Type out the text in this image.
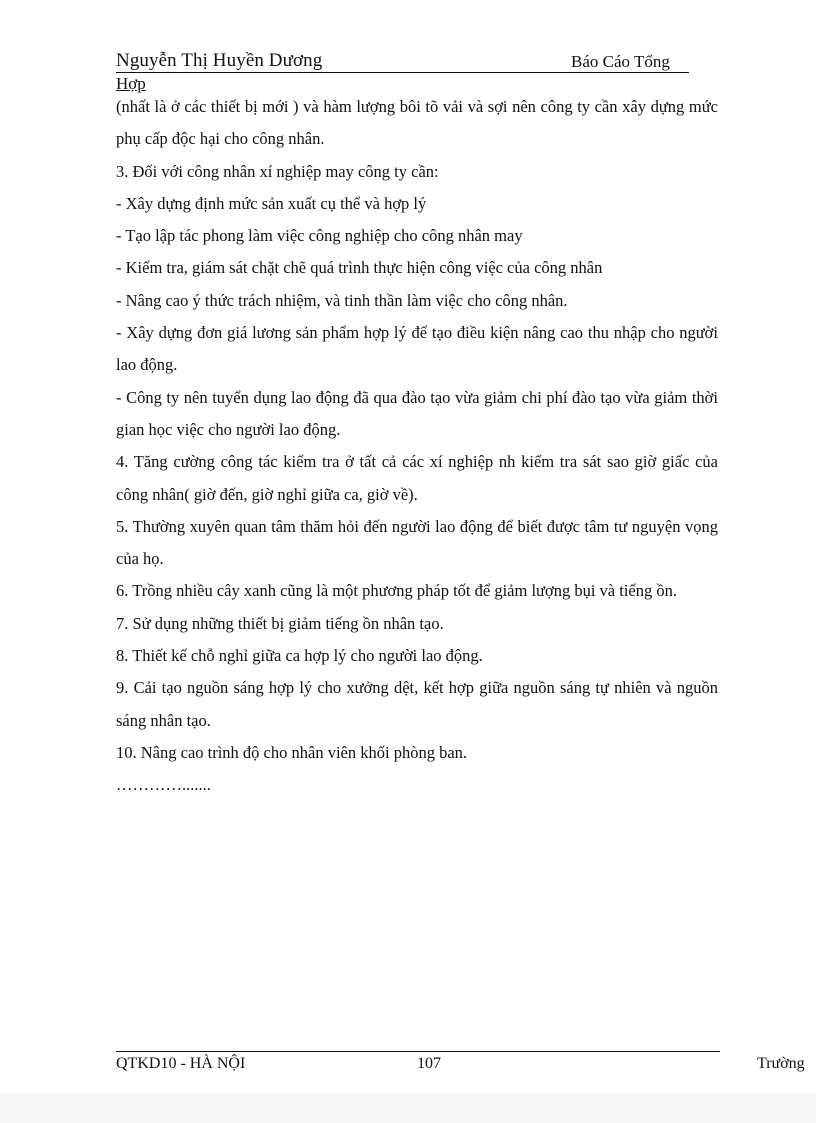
Nguyễn Thị Huyền Dương	Báo Cáo Tổng
Hợp

(nhất là ở các thiết bị mới ) và hàm lượng bôi tõ vải và sợi nên công ty cần xây dựng mức phụ cấp độc hại cho công nhân.

3. Đối với công nhân xí nghiệp may công ty cần:

- Xây dựng định mức sản xuất cụ thể và hợp lý

- Tạo lập tác phong làm việc công nghiệp cho công nhân may

- Kiểm tra, giám sát chặt chẽ quá trình thực hiện công việc của công nhân

- Nâng cao ý thức trách nhiệm, và tinh thần làm việc cho công nhân.

- Xây dựng đơn giá lương sản phẩm hợp lý để tạo điều kiện nâng cao thu nhập cho người lao động.

- Công ty nên tuyển dụng lao động đã qua đào tạo vừa giảm chi phí đào tạo vừa giảm thời gian học việc cho người lao động.

4. Tăng cường công tác kiểm tra ở tất cả các xí nghiệp nh kiểm tra sát sao giờ giấc của công nhân( giờ đến, giờ nghỉ giữa ca, giờ về).

5. Thường xuyên quan tâm thăm hỏi đến người lao động để biết được tâm tư nguyện vọng của họ.

6. Trồng nhiều cây xanh cũng là một phương pháp tốt để giảm lượng bụi và tiếng ồn.

7. Sử dụng những thiết bị giảm tiếng ồn nhân tạo.

8. Thiết kế chỗ nghỉ giữa ca hợp lý cho người lao động.

9. Cải tạo nguồn sáng hợp lý cho xưởng dệt, kết hợp giữa nguồn sáng tự nhiên và nguồn sáng nhân tạo.

10. Nâng cao trình độ cho nhân viên khối phòng ban.

………….......

QTKD10 - HÀ NỘI	107	Trường
